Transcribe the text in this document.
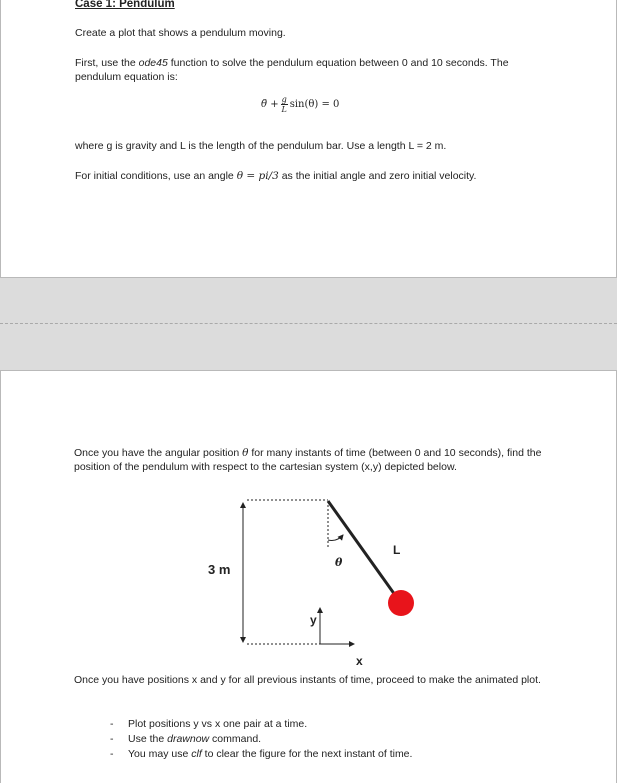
Case 1: Pendulum
Create a plot that shows a pendulum moving.
First, use the ode45 function to solve the pendulum equation between 0 and 10 seconds. The pendulum equation is:
θ̈ + $\frac{g}{L} \sin(\theta) = 0$
where g is gravity and L is the length of the pendulum bar. Use a length L = 2 m.
For initial conditions, use an angle θ = pi/3 as the initial angle and zero initial velocity.
Once you have the angular position θ for many instants of time (between 0 and 10 seconds), find the position of the pendulum with respect to the cartesian system (x,y) depicted below.
3 m	θ
L
y
x
Once you have positions x and y for all previous instants of time, proceed to make the animated plot.
- Plot positions y vs x one pair at a time.
- Use the drawnow command.
- You may use clf to clear the figure for the next instant of time.
